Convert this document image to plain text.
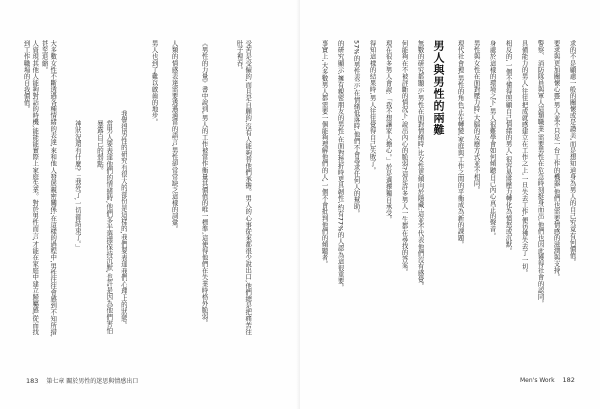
人資現其他人能夠對話的時機,能能能實際上家庭失業。對於男性而言,才能在家庭中建立歸屬感,從而找到工作職場的自我價值。	大多數女性不斷透過各種情緒的表達,來和他人發展親密關係;在這樣的過程中,男性往往會感到不知所措,甚至退縮。
神狀況還有什麼?「我死了,一切都結束了。」	當男人要表達他們的情緒時,他們多半選擇保持沉默,也許是因為他們害怕暴露自己的弱點。	我覺得男性的研究有很大的部份是這樣的,我們要表達我們心理上的狀態。
男人也到了難以啟齒的地步。 人類的情感表達需要透過適當的語言,男性卻常常缺乏這樣的詞彙。	《男性的力量》書中說到,男人的工作被當作衡量其價值的唯一標準,這使得他們在失業時格外脆弱。	受苦是受僱的,而且是自願的,沒有人能夠替他們承擔。男人的心事從來都很少說出口,他們總是把痛苦往肚子裡吞。
183 第七章 關於男性的迷思與情感出口
事實上,大多數男人都需要一個能夠理解他們的人,一個不會批判他們的傾聽者。 的研究顯示,擁有親密朋友的男性,在面對挫折時更具韌性,約有77%的人認為這很重要。 57%的男性表示,在情緒低落時,他們不會尋求任何人的幫助。 得知這樣的結果時,男人往往覺得自己失敗了。 現在很多男人會說:「我不想讓家人擔心。」於是選擇獨自承受。 何能夠在不被評斷的情況下,說出內心的脆弱?這是許多男人一生都在尋找的答案。 無數的研究都顯示,男性在面對情緒時,比女性更傾向於隱藏;這並不代表他們沒有感覺。 男人與男性的兩難 現代社會裡,男性的角色正在轉變,家庭與工作之間的平衡成為新的課題。 男性與女性在面對壓力時,大腦的反應方式並不相同。 身處於這樣的環境之下,男人很難學會如何傾聽自己內心真正的聲音。 相反的,一個不懂得照顧自己情緒的男人,很容易將壓力轉化為憤怒或沉默。 具備能力的男人,往往把成就感建立在工作之上,一旦失去工作,便彷彿失去了一切。 警察、消防隊員與軍人這類職業,需要男性在危急時刻挺身而出,他們也因此獲得社會的認同。 要求與更加關懷心靈,男人並不只是一台工作的機器,他們也需要情感的滋潤與支持。 求的不是顧慮一般的關懷或是讚美,而是想知道身為男人的自己究竟有何價值。
Men's Work 182
